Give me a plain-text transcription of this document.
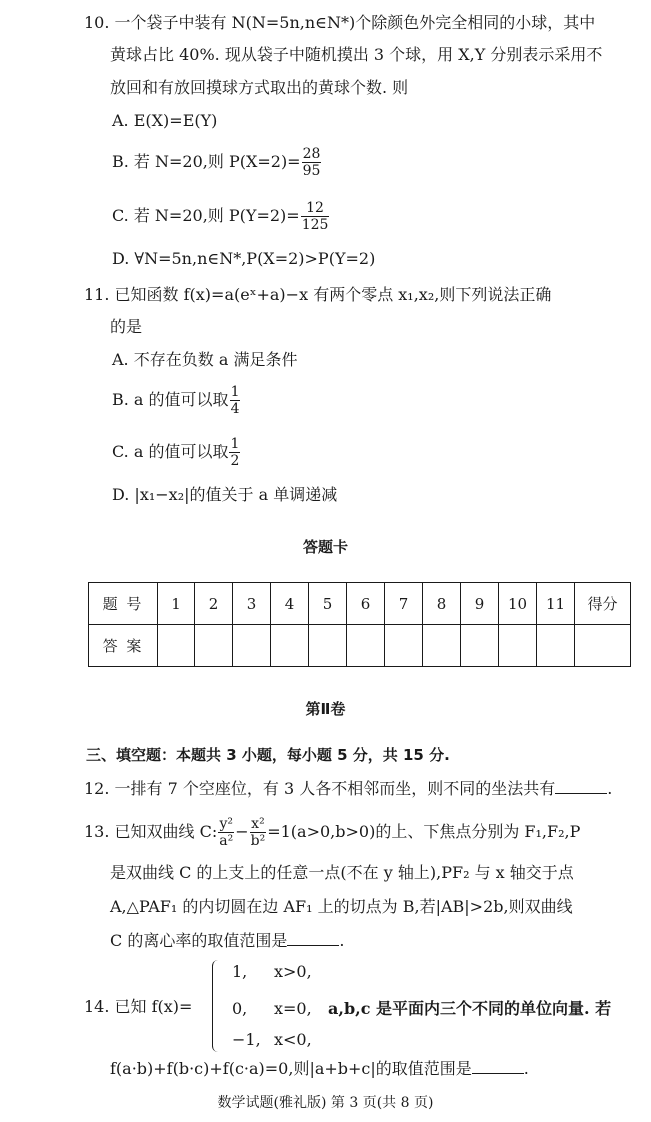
10. 一个袋子中装有 N(N=5n,n∈N*)个除颜色外完全相同的小球，其中
黄球占比 40%. 现从袋子中随机摸出 3 个球，用 X,Y 分别表示采用不
放回和有放回摸球方式取出的黄球个数. 则
A. E(X)=E(Y)
B. 若 N=20,则 $P(X=2)= \frac{28}{95}$
C. 若 N=20,则 $P(Y=2)= \frac{12}{125}$
D. ∀N=5n,n∈N*,P(X=2)>P(Y=2)
11. 已知函数 f(x)=a(eˣ+a)−x 有两个零点 x₁,x₂,则下列说法正确
的是
A. 不存在负数 a 满足条件
B. a 的值可以取 $\frac{1}{4}$
C. a 的值可以取 $\frac{1}{2}$
D. |x₁−x₂|的值关于 a 单调递减
答题卡
题 号	1	2	3	4	5	6	7	8	9	10	11	得分
答 案												
第Ⅱ卷
三、填空题：本题共 3 小题，每小题 5 分，共 15 分.
12. 一排有 7 个空座位，有 3 人各不相邻而坐，则不同的坐法共有	.
13. 已知双曲线 C: $\frac{\text{y²}}{\text{a²}} - \frac{\text{x²}}{\text{b²}} =1(a>0,b>0)$的上、下焦点分别为 F₁,F₂,P
是双曲线 C 的上支上的任意一点(不在 y 轴上),PF₂ 与 x 轴交于点
A,△PAF₁ 的内切圆在边 AF₁ 上的切点为 B,若|AB|>2b,则双曲线
C 的离心率的取值范围是	.
14. 已知 f(x)=
1, x>0,
0, x=0, a,b,c 是平面内三个不同的单位向量. 若
−1, x<0,
f(a·b)+f(b·c)+f(c·a)=0,则|a+b+c|的取值范围是	.
数学试题(雅礼版) 第 3 页(共 8 页)
